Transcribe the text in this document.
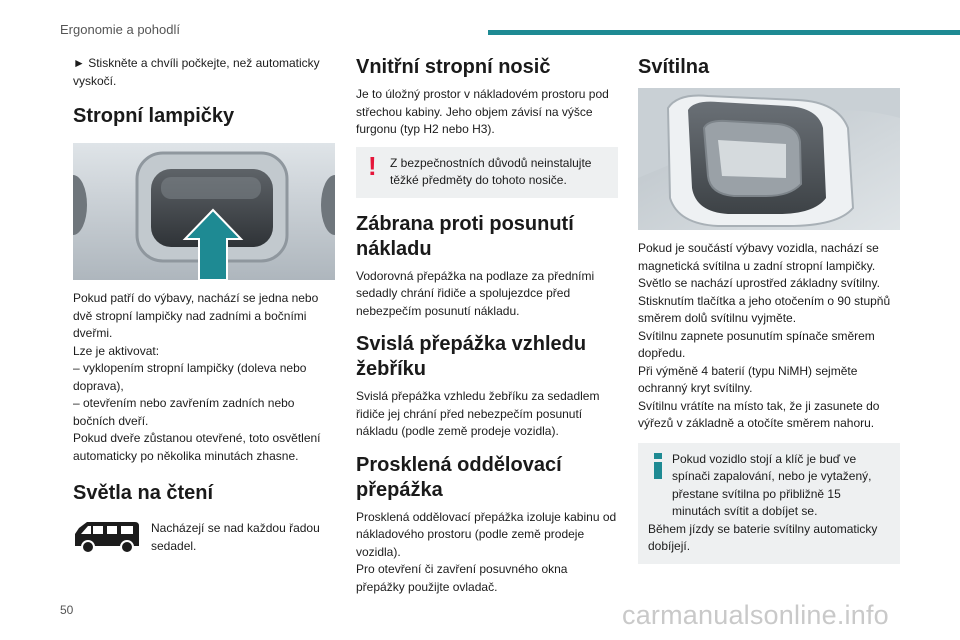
Ergonomie a pohodlí

► Stiskněte a chvíli počkejte, než automaticky vyskočí.

Stropní lampičky

Pokud patří do výbavy, nachází se jedna nebo dvě stropní lampičky nad zadními a bočními dveřmi.

Lze je aktivovat:

– vyklopením stropní lampičky (doleva nebo doprava),

– otevřením nebo zavřením zadních nebo bočních dveří.

Pokud dveře zůstanou otevřené, toto osvětlení automaticky po několika minutách zhasne.

Světla na čtení

Nacházejí se nad každou řadou sedadel.

Vnitřní stropní nosič

Je to úložný prostor v nákladovém prostoru pod střechou kabiny. Jeho objem závisí na výšce furgonu (typ H2 nebo H3).

! Z bezpečnostních důvodů neinstalujte těžké předměty do tohoto nosiče.

Zábrana proti posunutí nákladu

Vodorovná přepážka na podlaze za předními sedadly chrání řidiče a spolujezdce před nebezpečím posunutí nákladu.

Svislá přepážka vzhledu žebříku

Svislá přepážka vzhledu žebříku za sedadlem řidiče jej chrání před nebezpečím posunutí nákladu (podle země prodeje vozidla).

Prosklená oddělovací přepážka

Prosklená oddělovací přepážka izoluje kabinu od nákladového prostoru (podle země prodeje vozidla).

Pro otevření či zavření posuvného okna přepážky použijte ovladač.

Svítilna

Pokud je součástí výbavy vozidla, nachází se magnetická svítilna u zadní stropní lampičky.

Světlo se nachází uprostřed základny svítilny.

Stisknutím tlačítka a jeho otočením o 90 stupňů směrem dolů svítilnu vyjměte.

Svítilnu zapnete posunutím spínače směrem dopředu.

Při výměně 4 baterií (typu NiMH) sejměte ochranný kryt svítilny.

Svítilnu vrátíte na místo tak, že ji zasunete do výřezů v základně a otočíte směrem nahoru.

Pokud vozidlo stojí a klíč je buď ve spínači zapalování, nebo je vytažený, přestane svítilna po přibližně 15 minutách svítit a dobíjet se.

Během jízdy se baterie svítilny automaticky dobíjejí.

50	carmanualsonline.info
